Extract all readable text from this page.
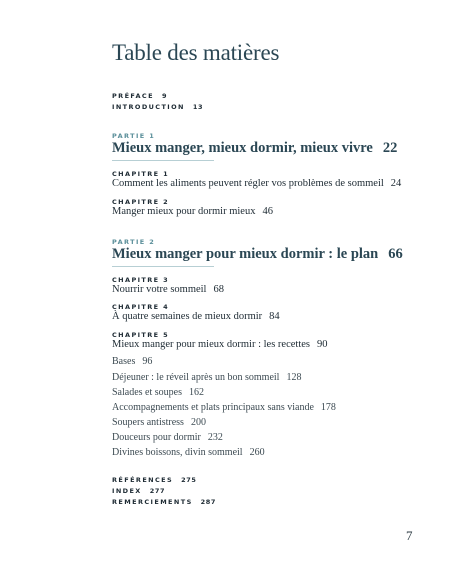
Table des matières
PRÉFACE 9
INTRODUCTION 13
PARTIE 1
Mieux manger, mieux dormir, mieux vivre 22
CHAPITRE 1
Comment les aliments peuvent régler vos problèmes de sommeil 24
CHAPITRE 2
Manger mieux pour dormir mieux 46
PARTIE 2
Mieux manger pour mieux dormir : le plan 66
CHAPITRE 3
Nourrir votre sommeil 68
CHAPITRE 4
À quatre semaines de mieux dormir 84
CHAPITRE 5
Mieux manger pour mieux dormir : les recettes 90
Bases 96
Déjeuner : le réveil après un bon sommeil 128
Salades et soupes 162
Accompagnements et plats principaux sans viande 178
Soupers antistress 200
Douceurs pour dormir 232
Divines boissons, divin sommeil 260
RÉFÉRENCES 275
INDEX 277
REMERCIEMENTS 287
7
